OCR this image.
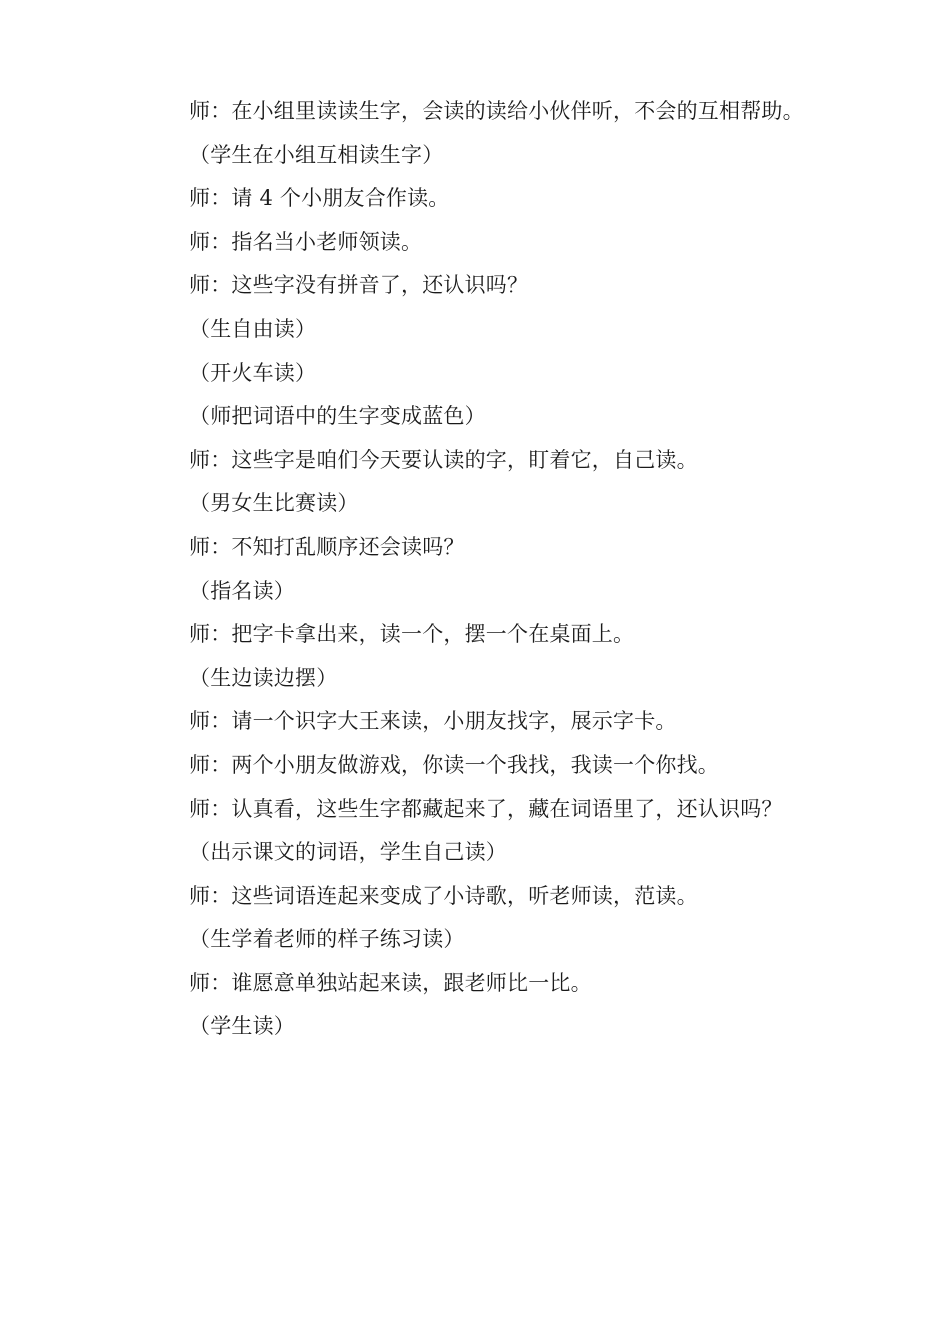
师：在小组里读读生字，会读的读给小伙伴听，不会的互相帮助。

（学生在小组互相读生字）

师：请 4 个小朋友合作读。

师：指名当小老师领读。

师：这些字没有拼音了，还认识吗？

（生自由读）

（开火车读）

（师把词语中的生字变成蓝色）

师：这些字是咱们今天要认读的字，盯着它，自己读。

（男女生比赛读）

师：不知打乱顺序还会读吗？

（指名读）

师：把字卡拿出来，读一个，摆一个在桌面上。

（生边读边摆）

师：请一个识字大王来读，小朋友找字，展示字卡。

师：两个小朋友做游戏，你读一个我找，我读一个你找。

师：认真看，这些生字都藏起来了，藏在词语里了，还认识吗？

（出示课文的词语，学生自己读）

师：这些词语连起来变成了小诗歌，听老师读，范读。

（生学着老师的样子练习读）

师：谁愿意单独站起来读，跟老师比一比。

（学生读）
